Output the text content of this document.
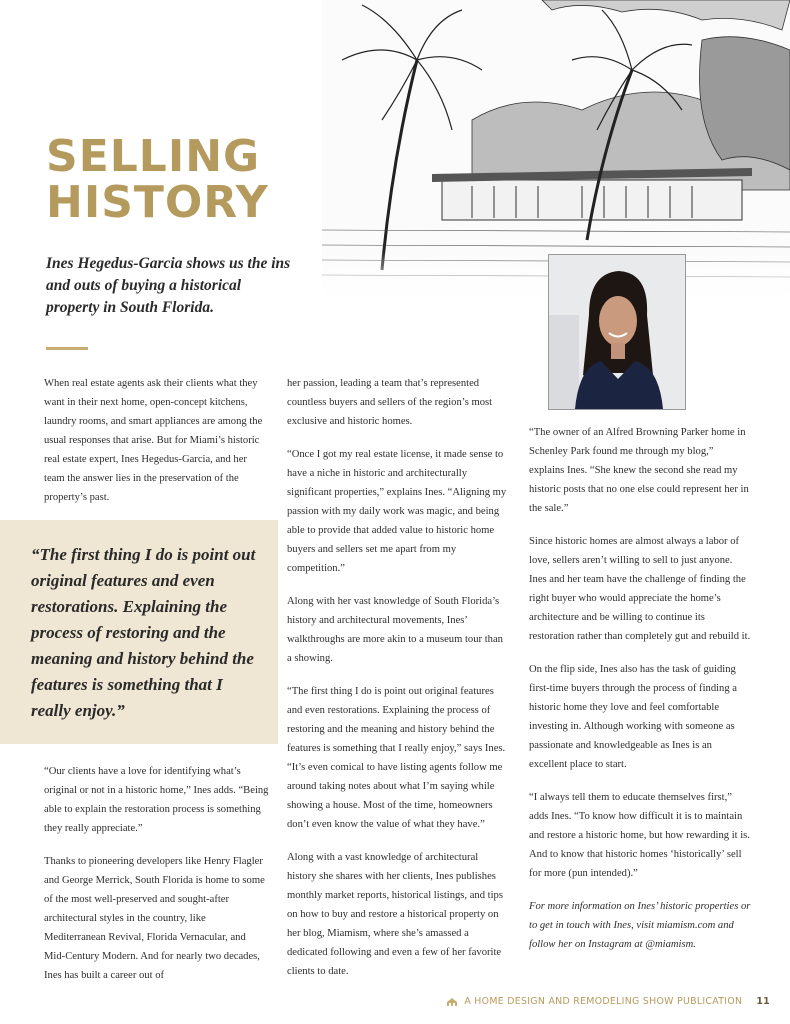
SELLING
HISTORY

Ines Hegedus-Garcia shows us the ins and outs of buying a historical property in South Florida.

When real estate agents ask their clients what they want in their next home, open-concept kitchens, laundry rooms, and smart appliances are among the usual responses that arise. But for Miami’s historic real estate expert, Ines Hegedus-Garcia, and her team the answer lies in the preservation of the property’s past.

“The first thing I do is point out original features and even restorations. Explaining the process of restoring and the meaning and history behind the features is something that I really enjoy.”

“Our clients have a love for identifying what’s original or not in a historic home,” Ines adds. “Being able to explain the restoration process is something they really appreciate.”

Thanks to pioneering developers like Henry Flagler and George Merrick, South Florida is home to some of the most well-preserved and sought-after architectural styles in the country, like Mediterranean Revival, Florida Vernacular, and Mid-Century Modern. And for nearly two decades, Ines has built a career out of

her passion, leading a team that’s represented countless buyers and sellers of the region’s most exclusive and historic homes.

“Once I got my real estate license, it made sense to have a niche in historic and architecturally significant properties,” explains Ines. “Aligning my passion with my daily work was magic, and being able to provide that added value to historic home buyers and sellers set me apart from my competition.”

Along with her vast knowledge of South Florida’s history and architectural movements, Ines’ walkthroughs are more akin to a museum tour than a showing.

“The first thing I do is point out original features and even restorations. Explaining the process of restoring and the meaning and history behind the features is something that I really enjoy,” says Ines. “It’s even comical to have listing agents follow me around taking notes about what I’m saying while showing a house. Most of the time, homeowners don’t even know the value of what they have.”

Along with a vast knowledge of architectural history she shares with her clients, Ines publishes monthly market reports, historical listings, and tips on how to buy and restore a historical property on her blog, Miamism, where she’s amassed a dedicated following and even a few of her favorite clients to date.

“The owner of an Alfred Browning Parker home in Schenley Park found me through my blog,” explains Ines. “She knew the second she read my historic posts that no one else could represent her in the sale.”

Since historic homes are almost always a labor of love, sellers aren’t willing to sell to just anyone. Ines and her team have the challenge of finding the right buyer who would appreciate the home’s architecture and be willing to continue its restoration rather than completely gut and rebuild it.

On the flip side, Ines also has the task of guiding first-time buyers through the process of finding a historic home they love and feel comfortable investing in. Although working with someone as passionate and knowledgeable as Ines is an excellent place to start.

“I always tell them to educate themselves first,” adds Ines. “To know how difficult it is to maintain and restore a historic home, but how rewarding it is. And to know that historic homes ‘historically’ sell for more (pun intended).”

For more information on Ines’ historic properties or to get in touch with Ines, visit miamism.com and follow her on Instagram at @miamism.

A HOME DESIGN AND REMODELING SHOW PUBLICATION 11
